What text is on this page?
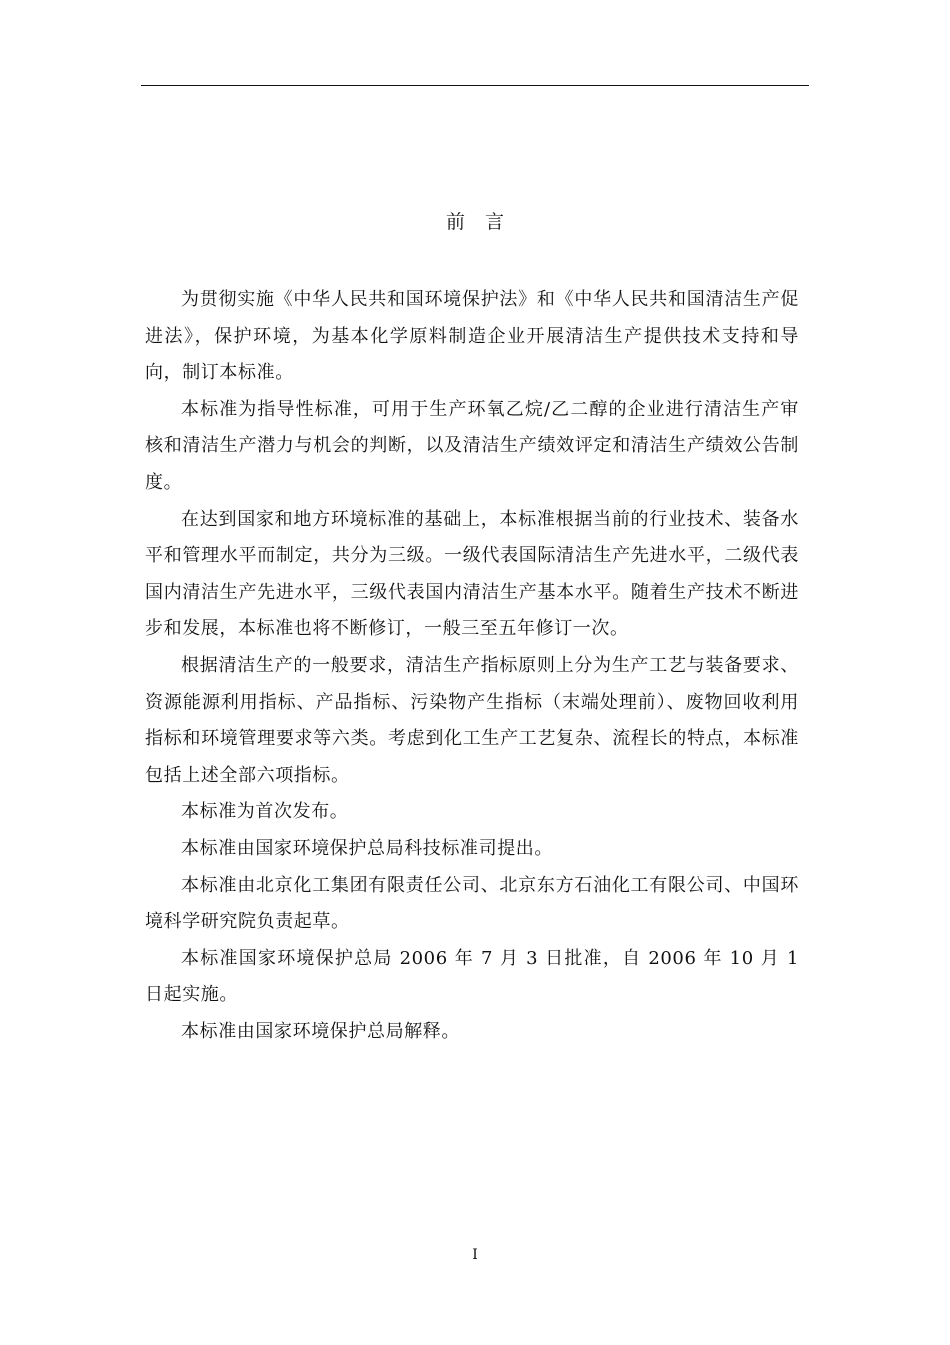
前言

为贯彻实施《中华人民共和国环境保护法》和《中华人民共和国清洁生产促进法》，保护环境，为基本化学原料制造企业开展清洁生产提供技术支持和导向，制订本标准。

本标准为指导性标准，可用于生产环氧乙烷/乙二醇的企业进行清洁生产审核和清洁生产潜力与机会的判断，以及清洁生产绩效评定和清洁生产绩效公告制度。

在达到国家和地方环境标准的基础上，本标准根据当前的行业技术、装备水平和管理水平而制定，共分为三级。一级代表国际清洁生产先进水平，二级代表国内清洁生产先进水平，三级代表国内清洁生产基本水平。随着生产技术不断进步和发展，本标准也将不断修订，一般三至五年修订一次。

根据清洁生产的一般要求，清洁生产指标原则上分为生产工艺与装备要求、资源能源利用指标、产品指标、污染物产生指标（末端处理前）、废物回收利用指标和环境管理要求等六类。考虑到化工生产工艺复杂、流程长的特点，本标准包括上述全部六项指标。

本标准为首次发布。

本标准由国家环境保护总局科技标准司提出。

本标准由北京化工集团有限责任公司、北京东方石油化工有限公司、中国环境科学研究院负责起草。

本标准国家环境保护总局 2006 年 7 月 3 日批准，自 2006 年 10 月 1 日起实施。

本标准由国家环境保护总局解释。

I
